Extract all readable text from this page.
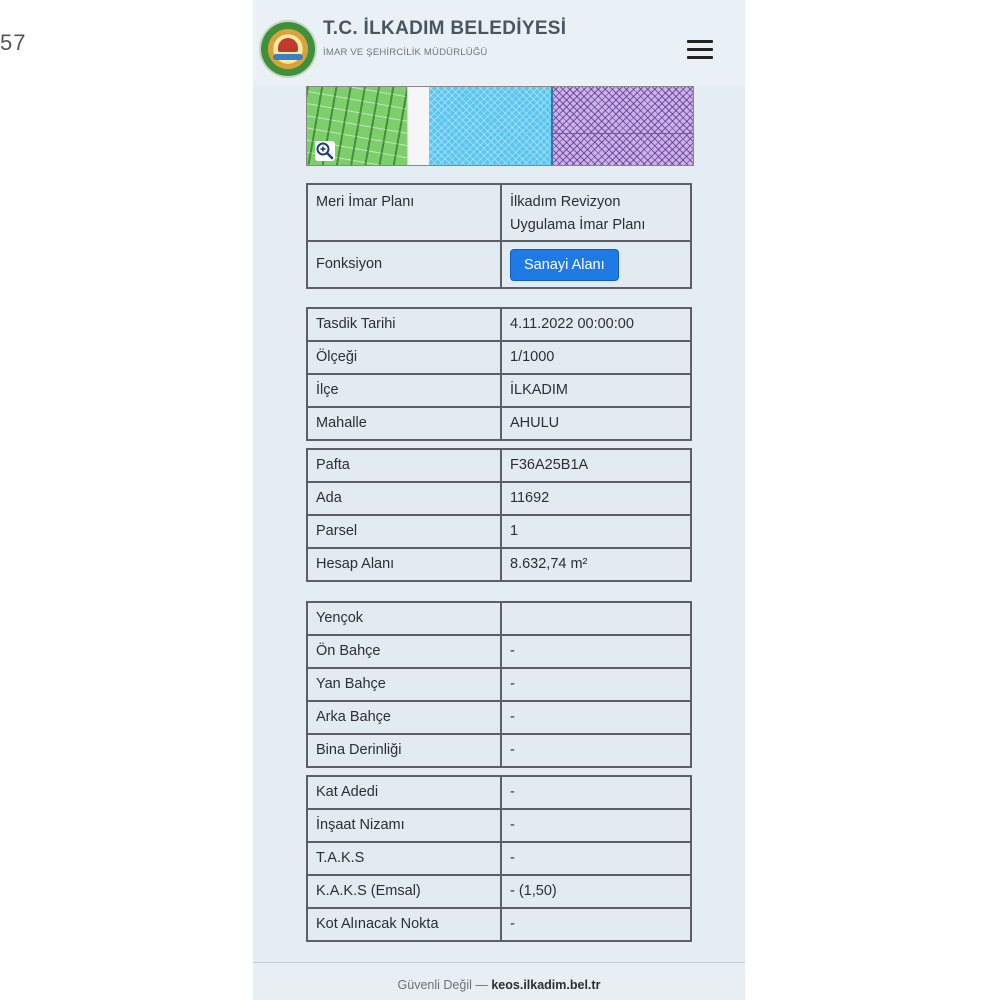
57
T.C. İLKADIM BELEDİYESİ
İMAR VE ŞEHİRCİLİK MÜDÜRLÜĞÜ
Meri İmar Planı	İlkadım Revizyon
Uygulama İmar Planı

Fonksiyon	Sanayi Alanı
Tasdik Tarihi	4.11.2022 00:00:00
Ölçeği	1/1000
İlçe	İLKADIM
Mahalle	AHULU
Pafta	F36A25B1A
Ada	11692
Parsel	1
Hesap Alanı	8.632,74 m²
Yençok	
Ön Bahçe	-
Yan Bahçe	-
Arka Bahçe	-
Bina Derinliği	-
Kat Adedi	-
İnşaat Nizamı	-
T.A.K.S	-
K.A.K.S (Emsal)	- (1,50)
Kot Alınacak Nokta	-
Güvenli Değil — keos.ilkadim.bel.tr
